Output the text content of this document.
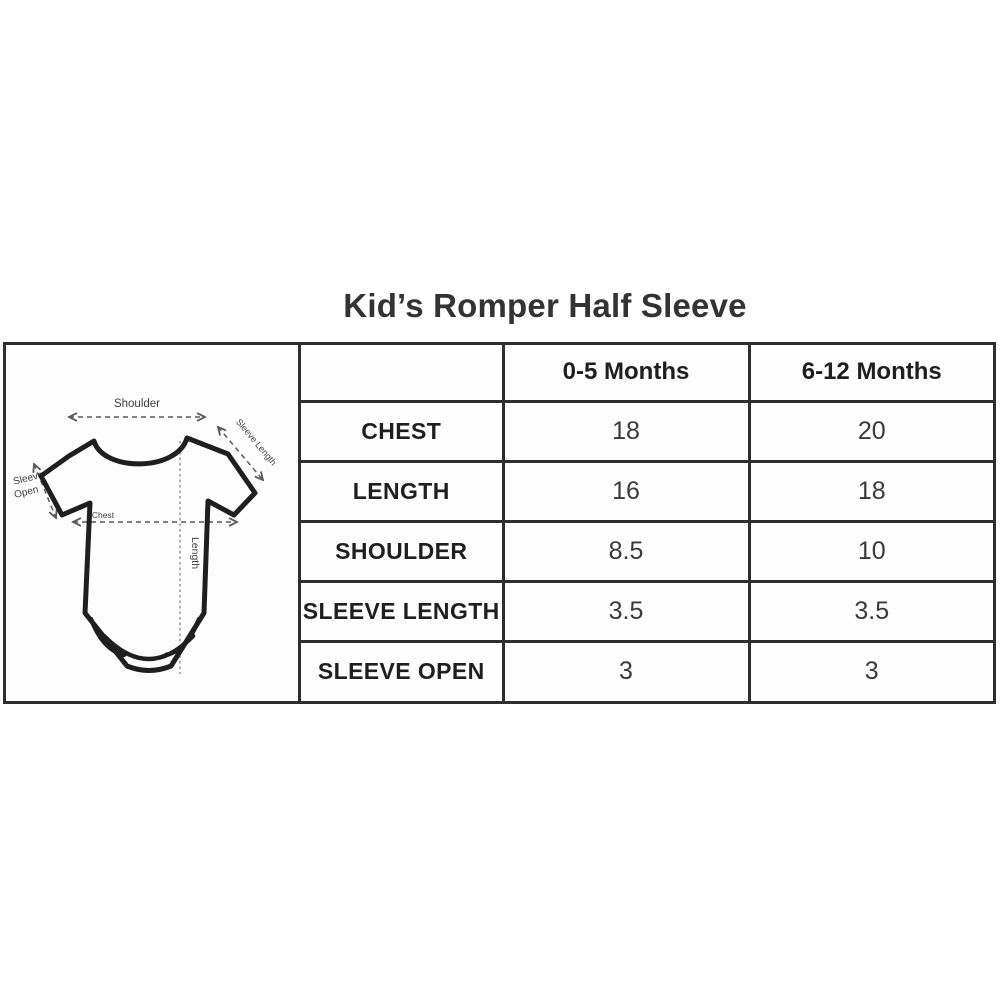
Kid’s Romper Half Sleeve
Shoulder
Sleeve Length
Sleeve
Open
Chest
Length
	0-5 Months	6-12 Months
CHEST	18	20
LENGTH	16	18
SHOULDER	8.5	10
SLEEVE LENGTH	3.5	3.5
SLEEVE OPEN	3	3
